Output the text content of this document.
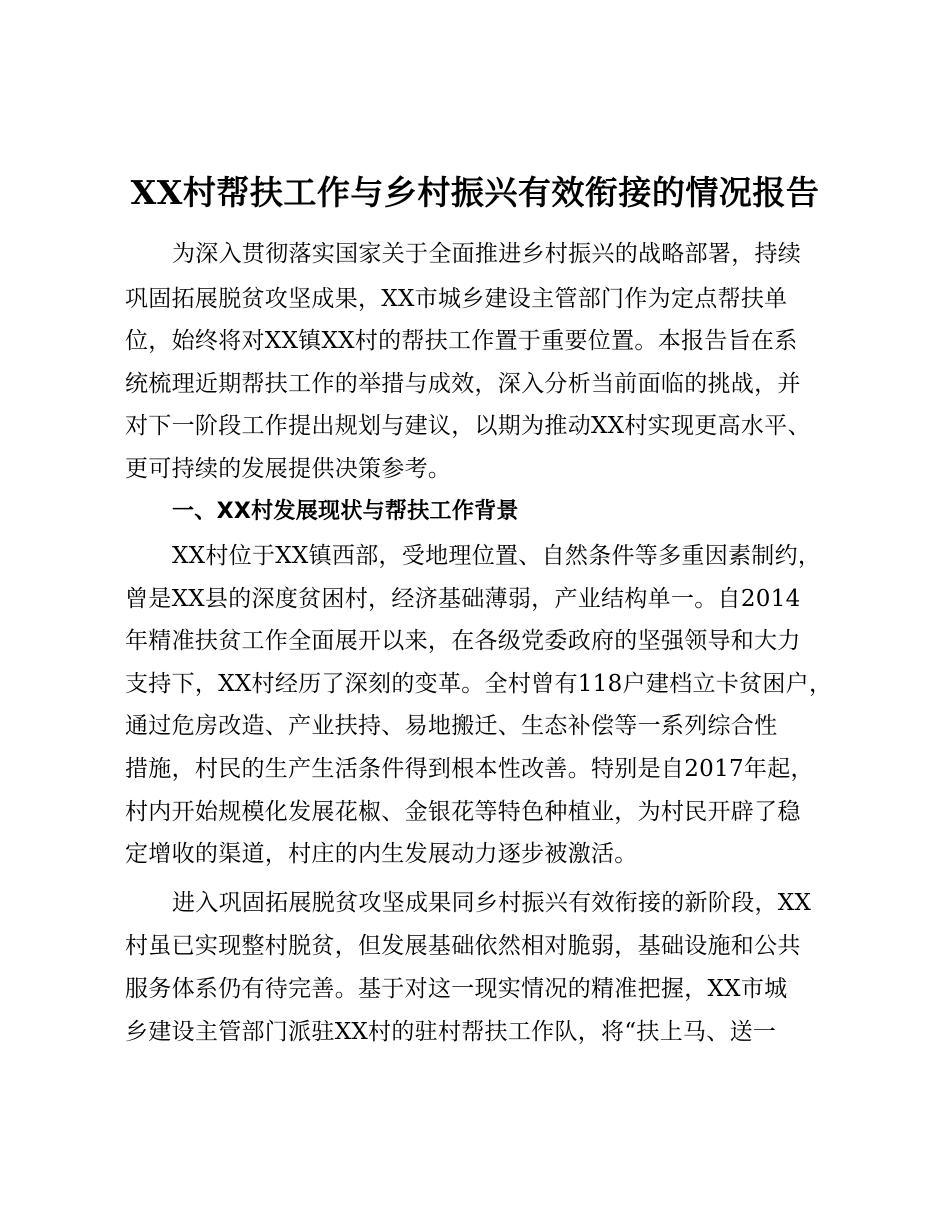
XX村帮扶工作与乡村振兴有效衔接的情况报告

为深入贯彻落实国家关于全面推进乡村振兴的战略部署，持续

巩固拓展脱贫攻坚成果，XX市城乡建设主管部门作为定点帮扶单

位，始终将对XX镇XX村的帮扶工作置于重要位置。本报告旨在系

统梳理近期帮扶工作的举措与成效，深入分析当前面临的挑战，并

对下一阶段工作提出规划与建议，以期为推动XX村实现更高水平、

更可持续的发展提供决策参考。

一、XX村发展现状与帮扶工作背景

XX村位于XX镇西部，受地理位置、自然条件等多重因素制约，

曾是XX县的深度贫困村，经济基础薄弱，产业结构单一。自2014

年精准扶贫工作全面展开以来，在各级党委政府的坚强领导和大力

支持下，XX村经历了深刻的变革。全村曾有118户建档立卡贫困户，

通过危房改造、产业扶持、易地搬迁、生态补偿等一系列综合性

措施，村民的生产生活条件得到根本性改善。特别是自2017年起，

村内开始规模化发展花椒、金银花等特色种植业，为村民开辟了稳

定增收的渠道，村庄的内生发展动力逐步被激活。

进入巩固拓展脱贫攻坚成果同乡村振兴有效衔接的新阶段，XX

村虽已实现整村脱贫，但发展基础依然相对脆弱，基础设施和公共

服务体系仍有待完善。基于对这一现实情况的精准把握，XX市城

乡建设主管部门派驻XX村的驻村帮扶工作队，将“扶上马、送一
